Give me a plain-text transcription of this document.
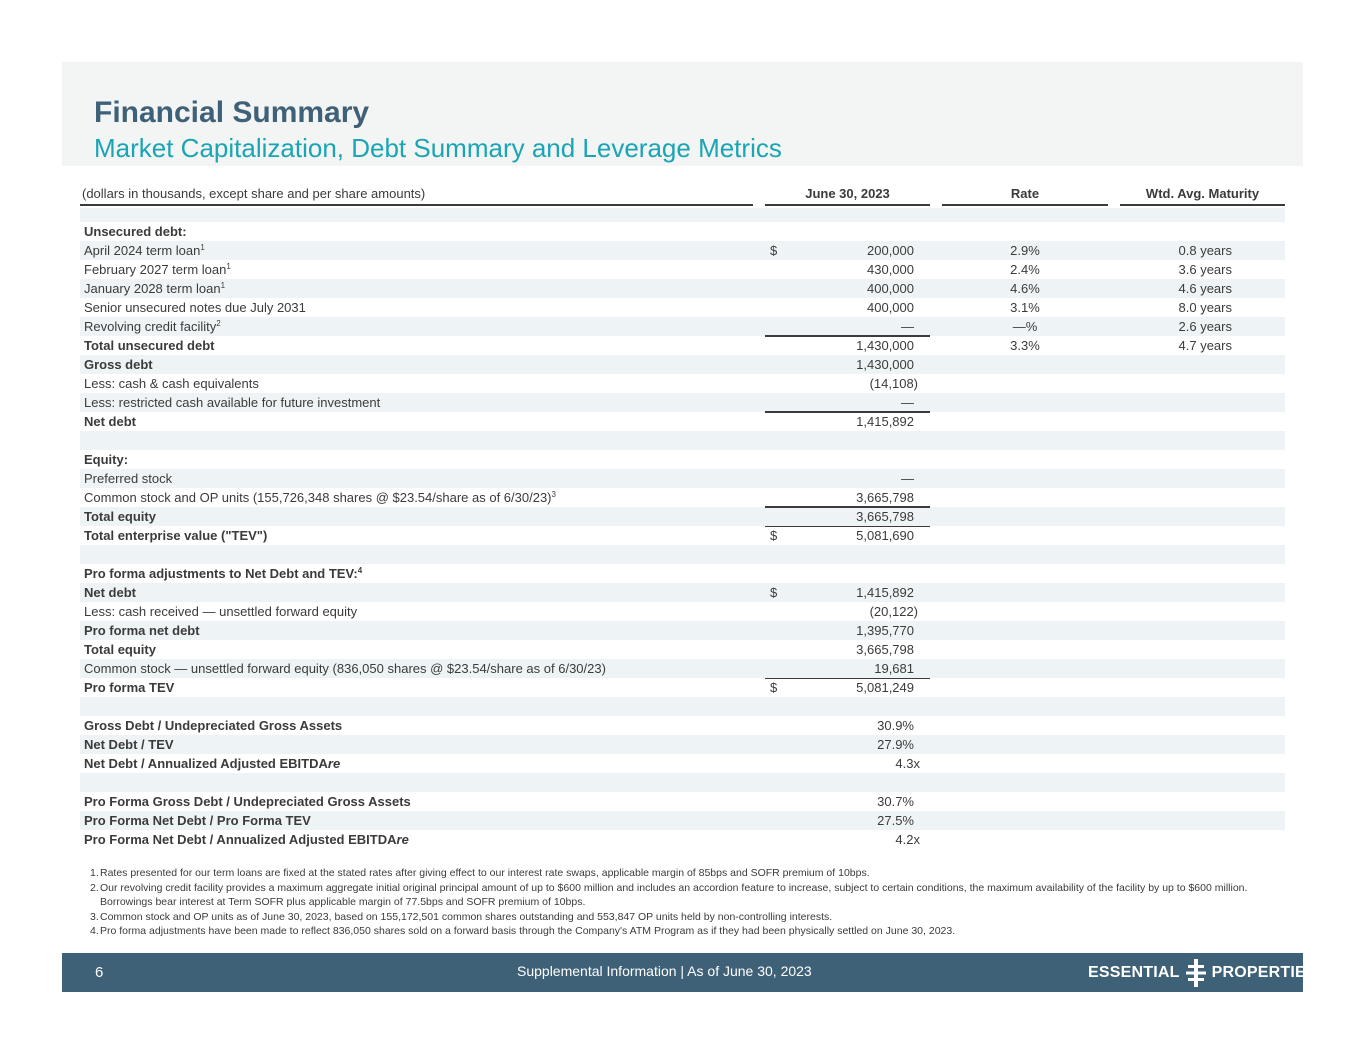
Financial Summary
Market Capitalization, Debt Summary and Leverage Metrics
(dollars in thousands, except share and per share amounts)	June 30, 2023	Rate	Wtd. Avg. Maturity
Unsecured debt:
April 2024 term loan$^1$	$	200,000	2.9%	0.8 years
February 2027 term loan$^1$	430,000	2.4%	3.6 years
January 2028 term loan$^1$	400,000	4.6%	4.6 years
Senior unsecured notes due July 2031	400,000	3.1%	8.0 years
Revolving credit facility$^2$	—	—%	2.6 years
Total unsecured debt	1,430,000	3.3%	4.7 years
Gross debt	1,430,000
Less: cash & cash equivalents	(14,108)
Less: restricted cash available for future investment	—
Net debt	1,415,892
Equity:
Preferred stock	—
Common stock and OP units (155,726,348 shares @ $23.54/share as of 6/30/23)$^3$	3,665,798
Total equity	3,665,798
Total enterprise value ("TEV")	$	5,081,690
Pro forma adjustments to Net Debt and TEV:$^4$
Net debt	$	1,415,892
Less: cash received — unsettled forward equity	(20,122)
Pro forma net debt	1,395,770
Total equity	3,665,798
Common stock — unsettled forward equity (836,050 shares @ $23.54/share as of 6/30/23)	19,681
Pro forma TEV	$	5,081,249
Gross Debt / Undepreciated Gross Assets	30.9%
Net Debt / TEV	27.9%
Net Debt / Annualized Adjusted EBITDAre	4.3x
Pro Forma Gross Debt / Undepreciated Gross Assets	30.7%
Pro Forma Net Debt / Pro Forma TEV	27.5%
Pro Forma Net Debt / Annualized Adjusted EBITDAre	4.2x
1. Rates presented for our term loans are fixed at the stated rates after giving effect to our interest rate swaps, applicable margin of 85bps and SOFR premium of 10bps.
2. Our revolving credit facility provides a maximum aggregate initial original principal amount of up to $600 million and includes an accordion feature to increase, subject to certain conditions, the maximum availability of the facility by up to $600 million. Borrowings bear interest at Term SOFR plus applicable margin of 77.5bps and SOFR premium of 10bps.
3. Common stock and OP units as of June 30, 2023, based on 155,172,501 common shares outstanding and 553,847 OP units held by non-controlling interests.
4. Pro forma adjustments have been made to reflect 836,050 shares sold on a forward basis through the Company's ATM Program as if they had been physically settled on June 30, 2023.
6	Supplemental Information | As of June 30, 2023	ESSENTIAL PROPERTIES
